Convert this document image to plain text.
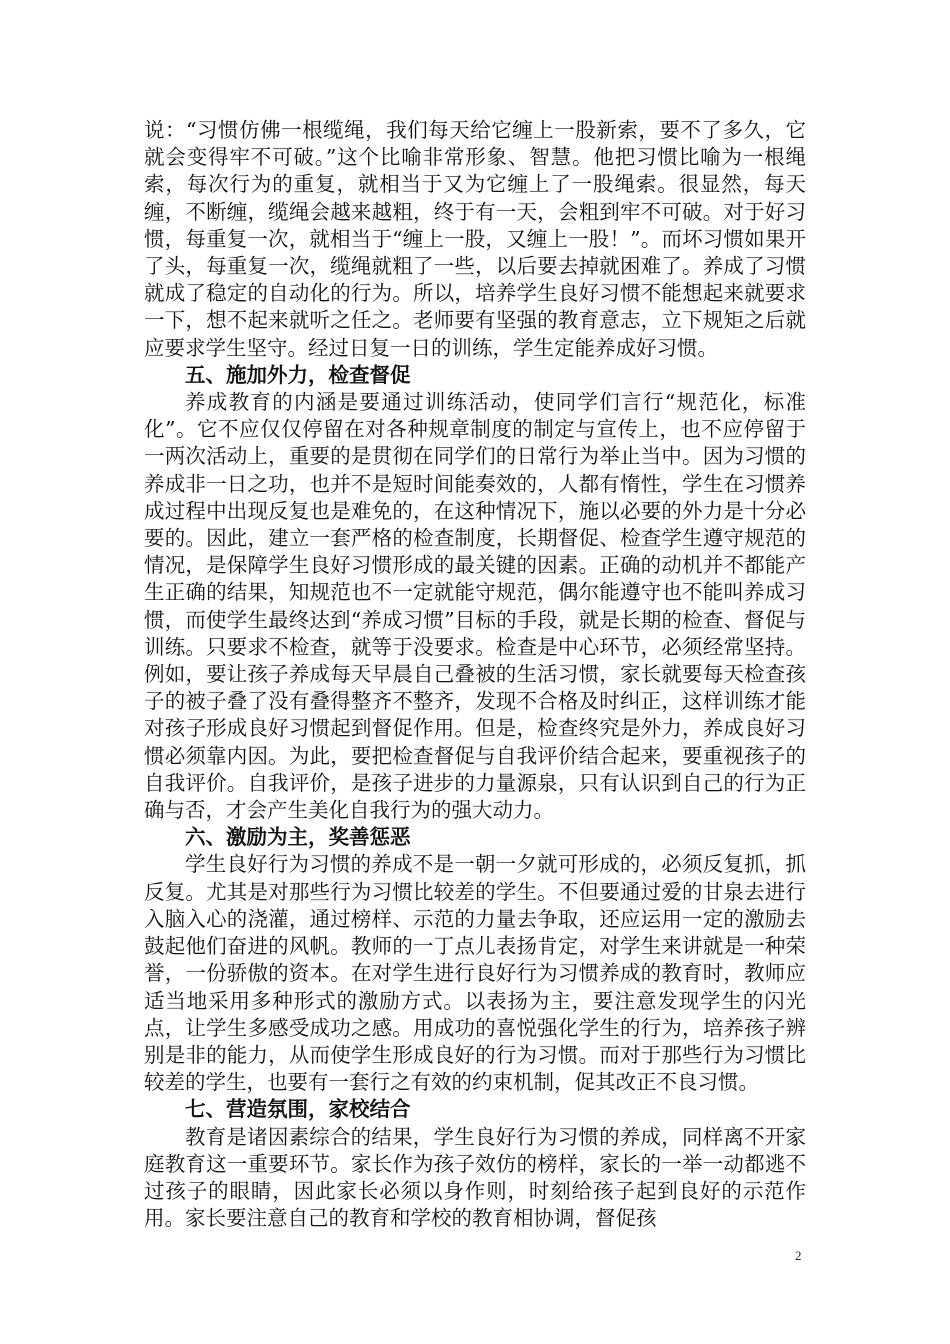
说：“习惯仿佛一根缆绳，我们每天给它缠上一股新索，要不了多久，它就会变得牢不可破。”这个比喻非常形象、智慧。他把习惯比喻为一根绳索，每次行为的重复，就相当于又为它缠上了一股绳索。很显然，每天缠，不断缠，缆绳会越来越粗，终于有一天，会粗到牢不可破。对于好习惯，每重复一次，就相当于“缠上一股，又缠上一股！”。而坏习惯如果开了头，每重复一次，缆绳就粗了一些，以后要去掉就困难了。养成了习惯就成了稳定的自动化的行为。所以，培养学生良好习惯不能想起来就要求一下，想不起来就听之任之。老师要有坚强的教育意志，立下规矩之后就应要求学生坚守。经过日复一日的训练，学生定能养成好习惯。

五、施加外力，检查督促

养成教育的内涵是要通过训练活动，使同学们言行“规范化，标准化”。它不应仅仅停留在对各种规章制度的制定与宣传上，也不应停留于一两次活动上，重要的是贯彻在同学们的日常行为举止当中。因为习惯的养成非一日之功，也并不是短时间能奏效的，人都有惰性，学生在习惯养成过程中出现反复也是难免的，在这种情况下，施以必要的外力是十分必要的。因此，建立一套严格的检查制度，长期督促、检查学生遵守规范的情况，是保障学生良好习惯形成的最关键的因素。正确的动机并不都能产生正确的结果，知规范也不一定就能守规范，偶尔能遵守也不能叫养成习惯，而使学生最终达到“养成习惯”目标的手段，就是长期的检查、督促与训练。只要求不检查，就等于没要求。检查是中心环节，必须经常坚持。例如，要让孩子养成每天早晨自己叠被的生活习惯，家长就要每天检查孩子的被子叠了没有叠得整齐不整齐，发现不合格及时纠正，这样训练才能对孩子形成良好习惯起到督促作用。但是，检查终究是外力，养成良好习惯必须靠内因。为此，要把检查督促与自我评价结合起来，要重视孩子的自我评价。自我评价，是孩子进步的力量源泉，只有认识到自己的行为正确与否，才会产生美化自我行为的强大动力。

六、激励为主，奖善惩恶

学生良好行为习惯的养成不是一朝一夕就可形成的，必须反复抓，抓反复。尤其是对那些行为习惯比较差的学生。不但要通过爱的甘泉去进行入脑入心的浇灌，通过榜样、示范的力量去争取，还应运用一定的激励去鼓起他们奋进的风帆。教师的一丁点儿表扬肯定，对学生来讲就是一种荣誉，一份骄傲的资本。在对学生进行良好行为习惯养成的教育时，教师应适当地采用多种形式的激励方式。以表扬为主，要注意发现学生的闪光点，让学生多感受成功之感。用成功的喜悦强化学生的行为，培养孩子辨别是非的能力，从而使学生形成良好的行为习惯。而对于那些行为习惯比较差的学生，也要有一套行之有效的约束机制，促其改正不良习惯。

七、营造氛围，家校结合

教育是诸因素综合的结果，学生良好行为习惯的养成，同样离不开家庭教育这一重要环节。家长作为孩子效仿的榜样，家长的一举一动都逃不过孩子的眼睛，因此家长必须以身作则，时刻给孩子起到良好的示范作用。家长要注意自己的教育和学校的教育相协调，督促孩

2
